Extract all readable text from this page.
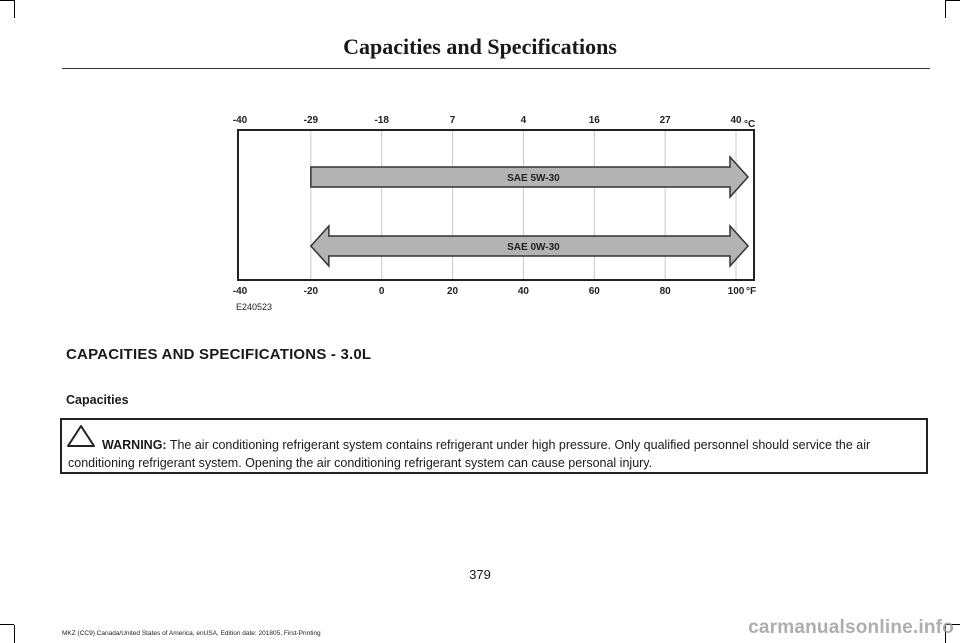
Capacities and Specifications
SAE 5W-30
SAE 0W-30
-40	-29	-18	7	4	16	27	40
-40	-20	0	20	40	60	80	100
°C
°F
E240523
CAPACITIES AND SPECIFICATIONS - 3.0L
Capacities
WARNING: The air conditioning refrigerant system contains refrigerant under high pressure. Only qualified personnel should service the air conditioning refrigerant system. Opening the air conditioning refrigerant system can cause personal injury.
379
MKZ (CC9) Canada/United States of America, enUSA, Edition date: 201805, First-Printing	carmanualsonline.info
